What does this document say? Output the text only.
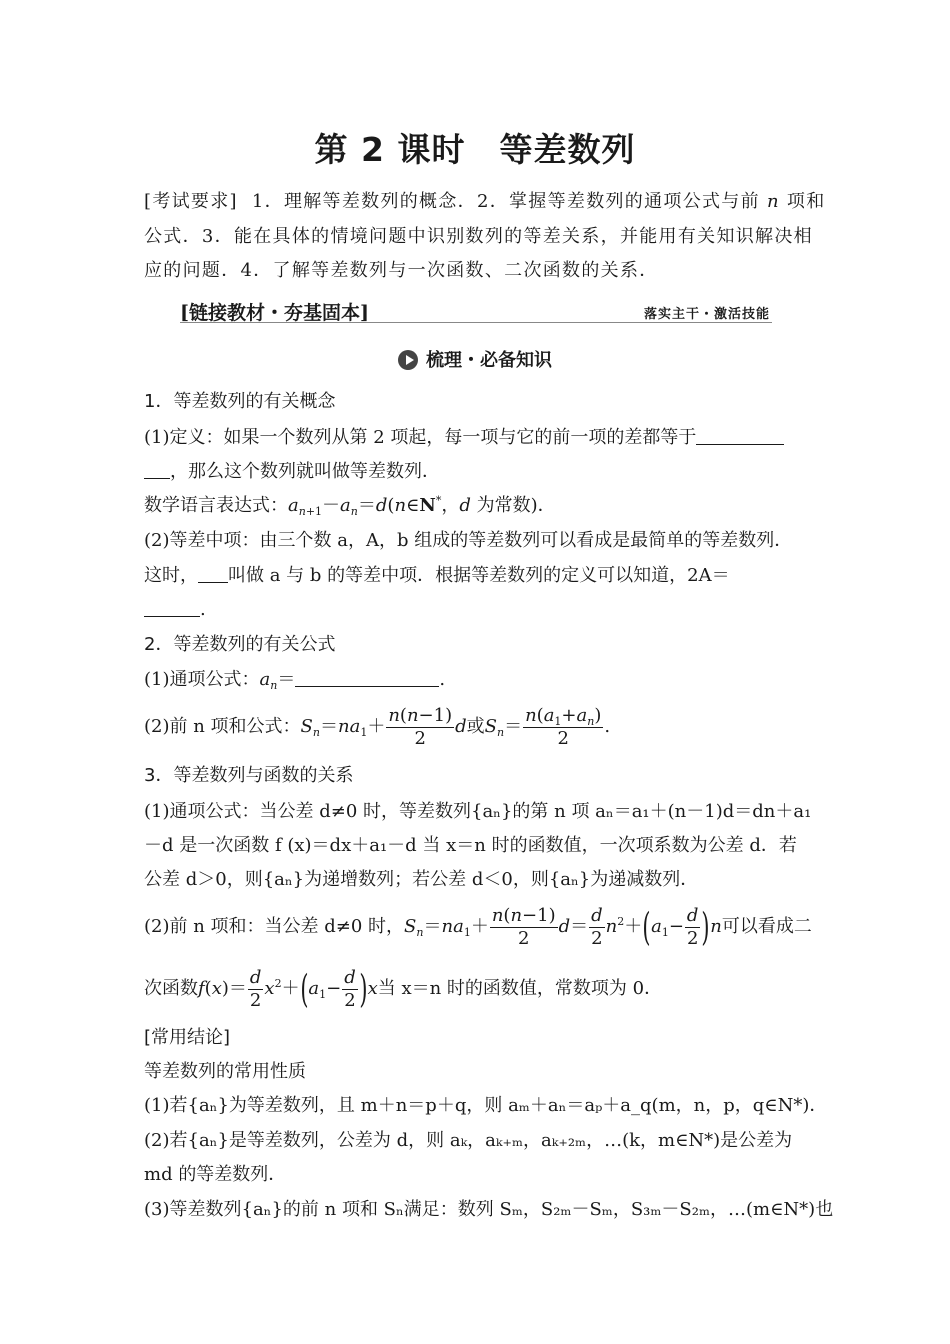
第 2 课时　等差数列
[考试要求] 1．理解等差数列的概念．2．掌握等差数列的通项公式与前 n 项和
公式．3．能在具体的情境问题中识别数列的等差关系，并能用有关知识解决相
应的问题．4．了解等差数列与一次函数、二次函数的关系．
[链接教材・夯基固本]	落实主干・激活技能
梳理・必备知识
1．等差数列的有关概念
(1)定义：如果一个数列从第 2 项起，每一项与它的前一项的差都等于
，那么这个数列就叫做等差数列．
数学语言表达式：$a_{n+1}-a_n=d(n\in N^*$，d 为常数)．
(2)等差中项：由三个数 a，A，b 组成的等差数列可以看成是最简单的等差数列．
这时， 叫做 a 与 b 的等差中项．根据等差数列的定义可以知道，2A＝
.
2．等差数列的有关公式
(1)通项公式：$a_n=$	.
(2)前 n 项和公式：$S_n=na_1+ \frac{n(n-1)}{2}$ d或$S_n= \frac{n(a_1+a_n)}{2}$ .
3．等差数列与函数的关系
(1)通项公式：当公差 d≠0 时，等差数列{aₙ}的第 n 项 aₙ＝a₁＋(n－1)d＝dn＋a₁
－d 是一次函数 f (x)＝dx＋a₁－d 当 x＝n 时的函数值，一次项系数为公差 d．若
公差 d＞0，则{aₙ}为递增数列；若公差 d＜0，则{aₙ}为递减数列．
(2)前 n 项和：当公差 d≠0 时，$S_n=na_1+ \frac{n(n-1)}{2} d= \frac{d}{2} n^2+(a_1- \frac{d}{2} )n$可以看成二
次函数$f(x)= \frac{d}{2} x^2+(a_1- \frac{d}{2} )x$当 x＝n 时的函数值，常数项为 0．
[常用结论]
等差数列的常用性质
(1)若{aₙ}为等差数列，且 m＋n＝p＋q，则 aₘ＋aₙ＝aₚ＋a_q(m，n，p，q∈N*)．
(2)若{aₙ}是等差数列，公差为 d，则 aₖ，aₖ₊ₘ，aₖ₊₂ₘ，…(k，m∈N*)是公差为
md 的等差数列．
(3)等差数列{aₙ}的前 n 项和 Sₙ满足：数列 Sₘ，S₂ₘ－Sₘ，S₃ₘ－S₂ₘ，…(m∈N*)也
